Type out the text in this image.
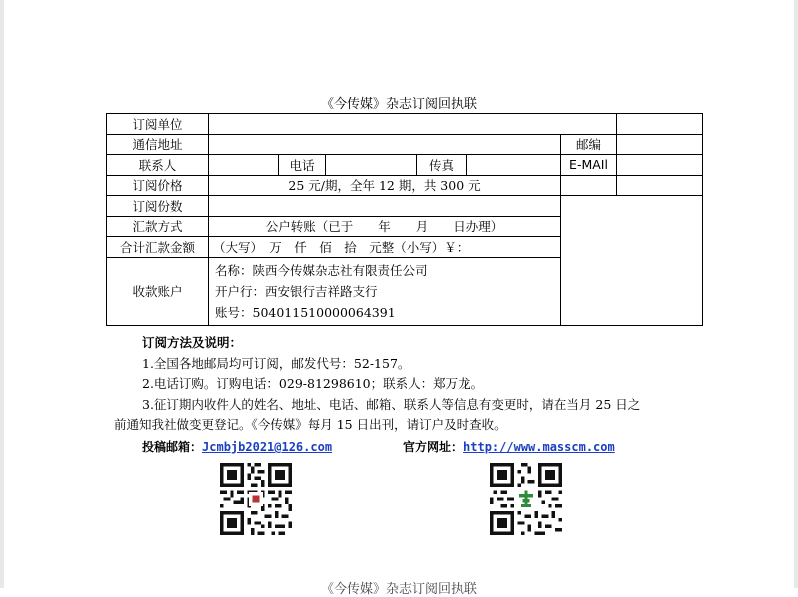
《今传媒》杂志订阅回执联
订阅单位							
通信地址						邮编	
联系人		电话		传真		E-MAIl	
订阅价格	25 元/期，全年 12 期，共 300 元						
订阅份数							
汇款方式	公户转账（已于　　年　　月　　日办理）						
合计汇款金额	（大写）　万　仟　佰　拾　元整（小写）￥：						
收款账户	名称：陕西今传媒杂志社有限责任公司
开户行：西安银行吉祥路支行
账号：504011510000064391						
订阅方法及说明：
1.全国各地邮局均可订阅，邮发代号：52-157。
2.电话订购。订购电话：029-81298610；联系人：郑万龙。
3.征订期内收件人的姓名、地址、电话、邮箱、联系人等信息有变更时，请在当月 25 日之
前通知我社做变更登记。《今传媒》每月 15 日出刊，请订户及时查收。
投稿邮箱：Jcmbjb2021@126.com	官方网址：http://www.masscm.com
《今传媒》杂志订阅回执联
